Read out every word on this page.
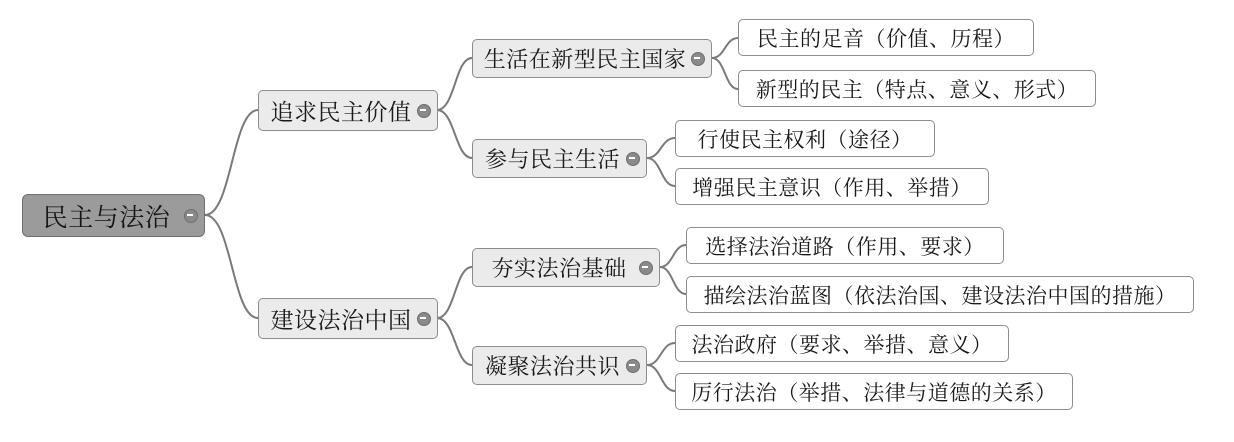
民主与法治
追求民主价值
建设法治中国
生活在新型民主国家
参与民主生活
民主的足音（价值、历程）
新型的民主（特点、意义、形式）
行使民主权利（途径）
增强民主意识（作用、举措）
夯实法治基础
凝聚法治共识
选择法治道路（作用、要求）
描绘法治蓝图（依法治国、建设法治中国的措施）
法治政府（要求、举措、意义）
厉行法治（举措、法律与道德的关系）
